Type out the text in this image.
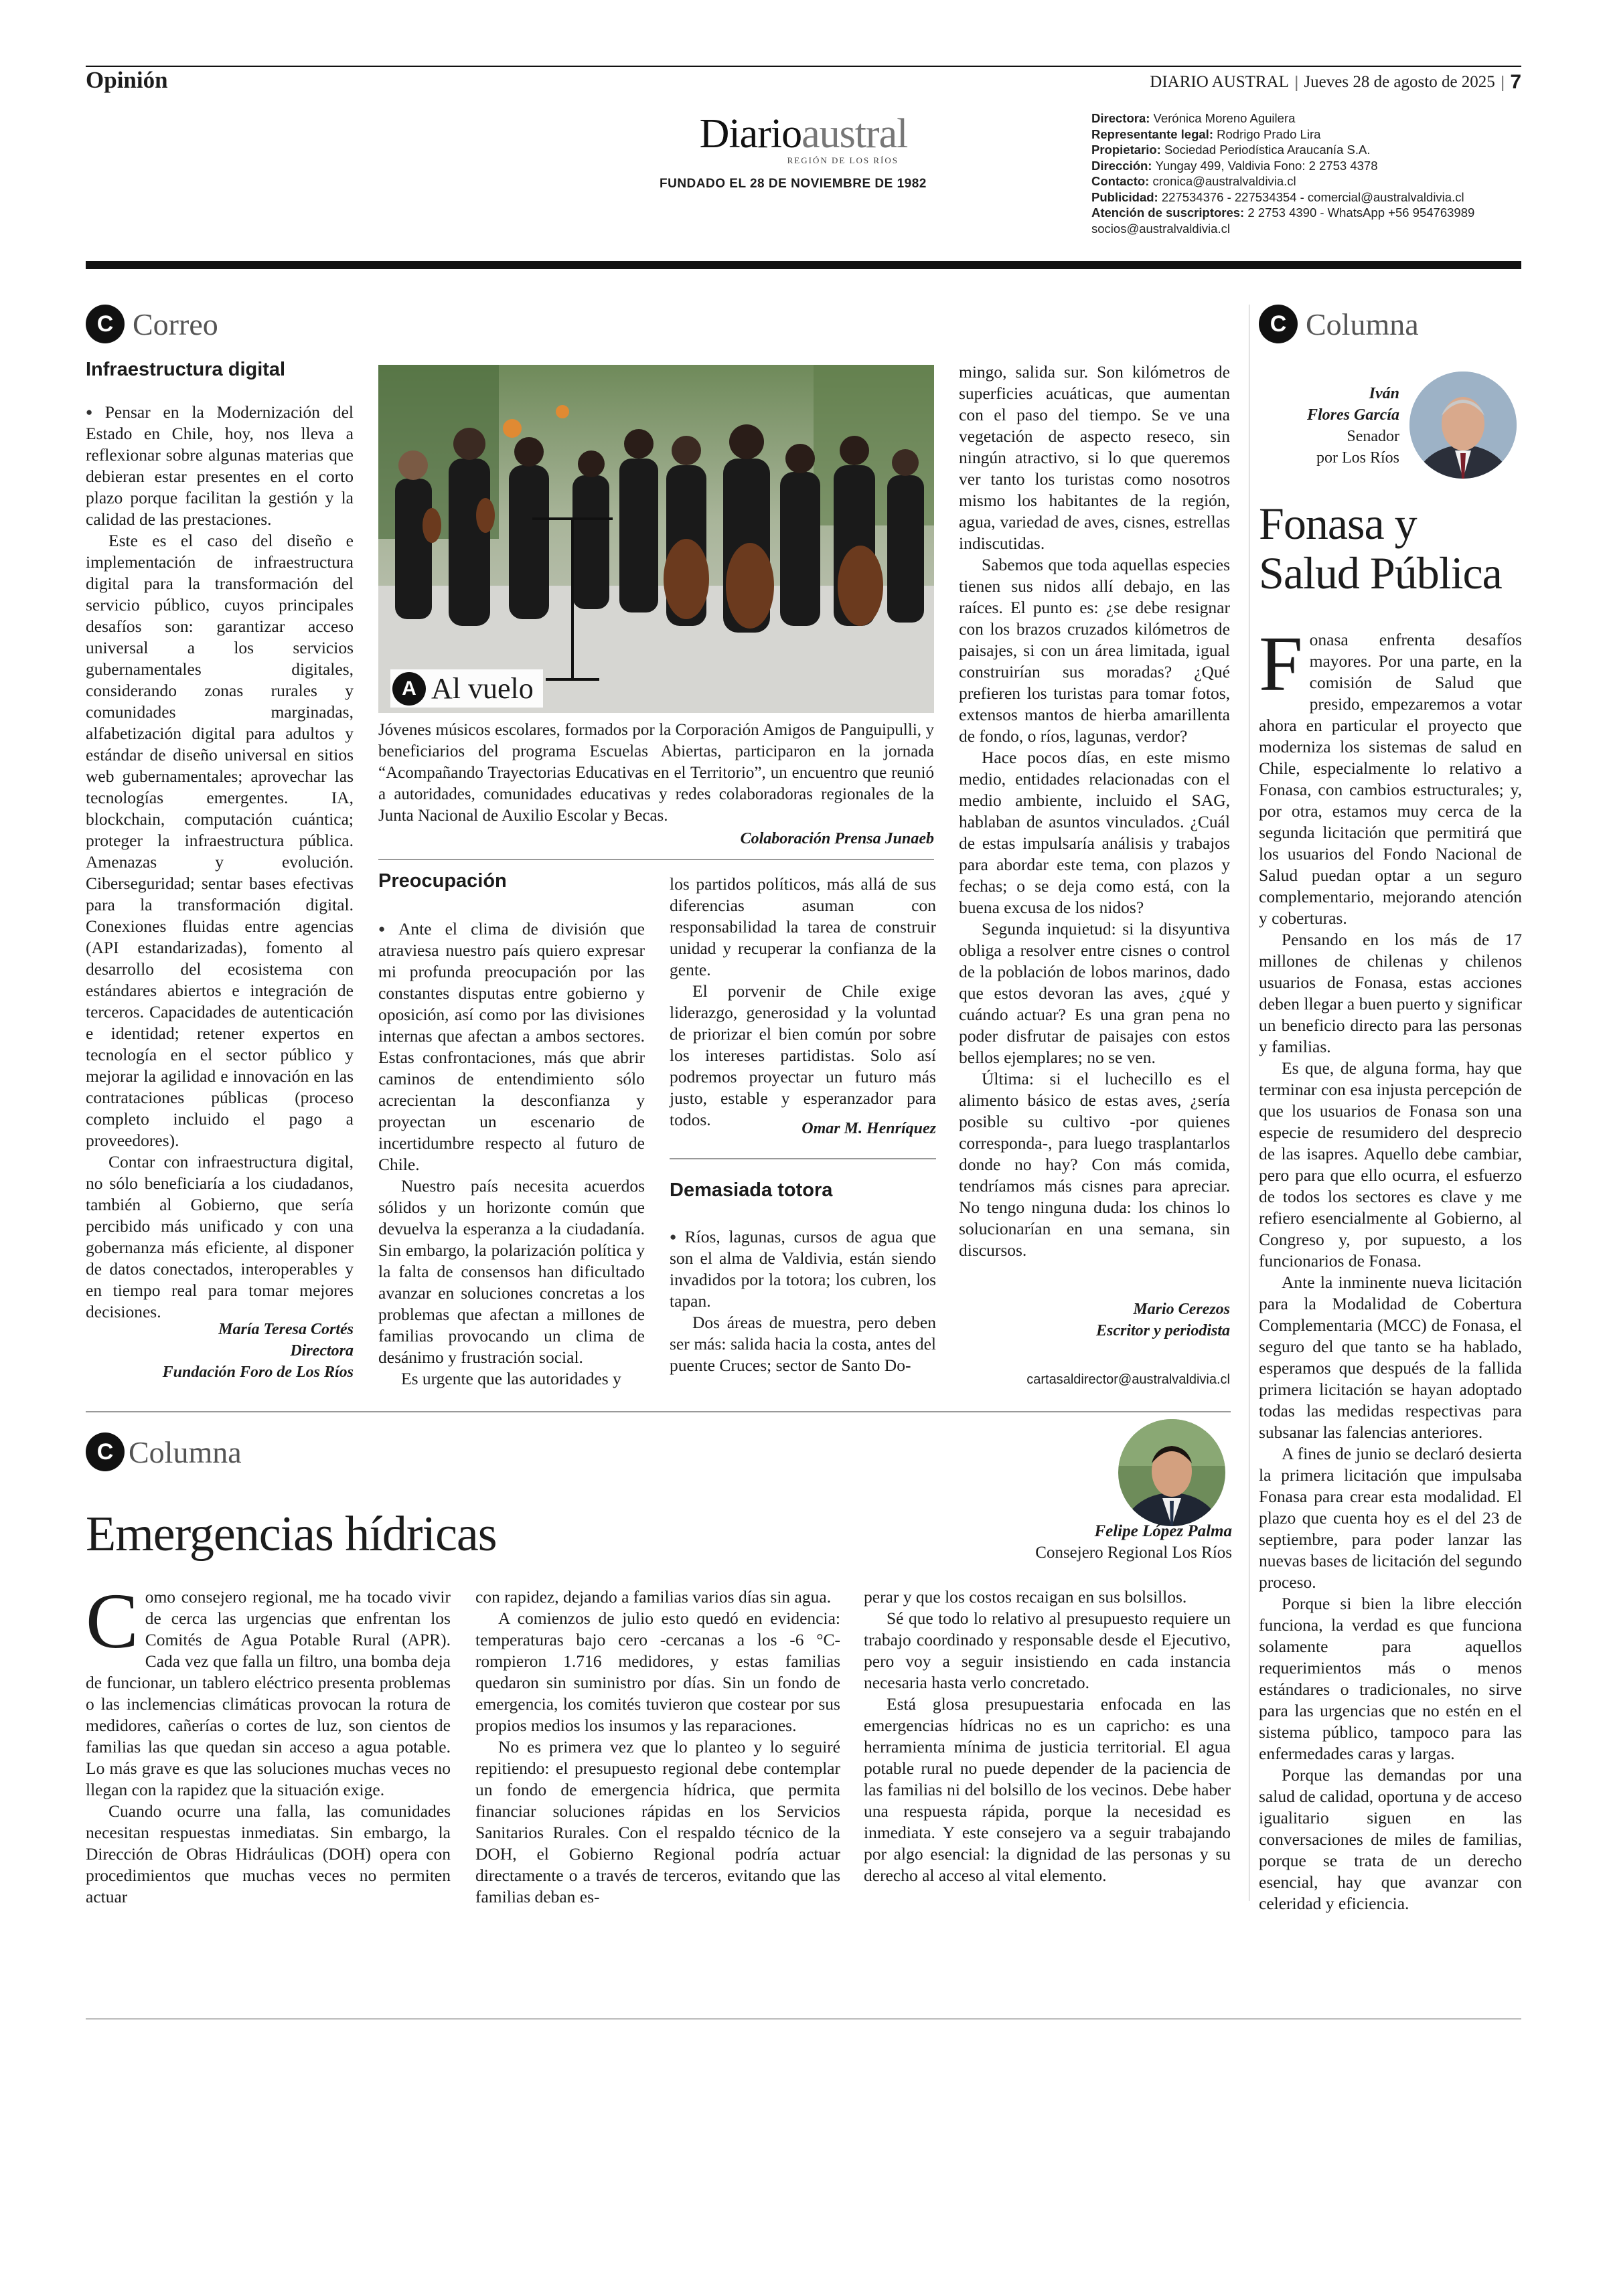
Opinión	DIARIO AUSTRAL | Jueves 28 de agosto de 2025 | 7
Diarioaustral
REGIÓN DE LOS RÍOS
FUNDADO EL 28 DE NOVIEMBRE DE 1982
Directora: Verónica Moreno Aguilera
Representante legal: Rodrigo Prado Lira
Propietario: Sociedad Periodística Araucanía S.A.
Dirección: Yungay 499, Valdivia Fono: 2 2753 4378
Contacto: cronica@australvaldivia.cl
Publicidad: 227534376 - 227534354 - comercial@australvaldivia.cl
Atención de suscriptores: 2 2753 4390 - WhatsApp +56 954763989
socios@australvaldivia.cl
C Correo
Infraestructura digital

● Pensar en la Modernización del Estado en Chile, hoy, nos lleva a reflexionar sobre algunas materias que debieran estar presentes en el corto plazo porque facilitan la gestión y la calidad de las prestaciones.

Este es el caso del diseño e implementación de infraestructura digital para la transformación del servicio público, cuyos principales desafíos son: garantizar acceso universal a los servicios gubernamentales digitales, considerando zonas rurales y comunidades marginadas, alfabetización digital para adultos y estándar de diseño universal en sitios web gubernamentales; aprovechar las tecnologías emergentes. IA, blockchain, computación cuántica; proteger la infraestructura pública. Amenazas y evolución. Ciberseguridad; sentar bases efectivas para la transformación digital. Conexiones fluidas entre agencias (API estandarizadas), fomento al desarrollo del ecosistema con estándares abiertos e integración de terceros. Capacidades de autenticación e identidad; retener expertos en tecnología en el sector público y mejorar la agilidad e innovación en las contrataciones públicas (proceso completo incluido el pago a proveedores).

Contar con infraestructura digital, no sólo beneficiaría a los ciudadanos, también al Gobierno, que sería percibido más unificado y con una gobernanza más eficiente, al disponer de datos conectados, interoperables y en tiempo real para tomar mejores decisiones.

María Teresa Cortés
Directora
Fundación Foro de Los Ríos
A Al vuelo
Jóvenes músicos escolares, formados por la Corporación Amigos de Panguipulli, y beneficiarios del programa Escuelas Abiertas, participaron en la jornada “Acompañando Trayectorias Educativas en el Territorio”, un encuentro que reunió a autoridades, comunidades educativas y redes colaboradoras regionales de la Junta Nacional de Auxilio Escolar y Becas.
Colaboración Prensa Junaeb
Preocupación

● Ante el clima de división que atraviesa nuestro país quiero expresar mi profunda preocupación por las constantes disputas entre gobierno y oposición, así como por las divisiones internas que afectan a ambos sectores. Estas confrontaciones, más que abrir caminos de entendimiento sólo acrecientan la desconfianza y proyectan un escenario de incertidumbre respecto al futuro de Chile.

Nuestro país necesita acuerdos sólidos y un horizonte común que devuelva la esperanza a la ciudadanía. Sin embargo, la polarización política y la falta de consensos han dificultado avanzar en soluciones concretas a los problemas que afectan a millones de familias provocando un clima de desánimo y frustración social.

Es urgente que las autoridades y

los partidos políticos, más allá de sus diferencias asuman con responsabilidad la tarea de construir unidad y recuperar la confianza de la gente.

El porvenir de Chile exige liderazgo, generosidad y la voluntad de priorizar el bien común por sobre los intereses partidistas. Solo así podremos proyectar un futuro más justo, estable y esperanzador para todos.	Omar M. Henríquez
Demasiada totora

● Ríos, lagunas, cursos de agua que son el alma de Valdivia, están siendo invadidos por la totora; los cubren, los tapan.

Dos áreas de muestra, pero deben ser más: salida hacia la costa, antes del puente Cruces; sector de Santo Do-

mingo, salida sur. Son kilómetros de superficies acuáticas, que aumentan con el paso del tiempo. Se ve una vegetación de aspecto reseco, sin ningún atractivo, si lo que queremos ver tanto los turistas como nosotros mismo los habitantes de la región, agua, variedad de aves, cisnes, estrellas indiscutidas.

Sabemos que toda aquellas especies tienen sus nidos allí debajo, en las raíces. El punto es: ¿se debe resignar con los brazos cruzados kilómetros de paisajes, si con un área limitada, igual construirían sus moradas? ¿Qué prefieren los turistas para tomar fotos, extensos mantos de hierba amarillenta de fondo, o ríos, lagunas, verdor?

Hace pocos días, en este mismo medio, entidades relacionadas con el medio ambiente, incluido el SAG, hablaban de asuntos vinculados. ¿Cuál de estas impulsaría análisis y trabajos para abordar este tema, con plazos y fechas; o se deja como está, con la buena excusa de los nidos?

Segunda inquietud: si la disyuntiva obliga a resolver entre cisnes o control de la población de lobos marinos, dado que estos devoran las aves, ¿qué y cuándo actuar? Es una gran pena no poder disfrutar de paisajes con estos bellos ejemplares; no se ven.

Última: si el luchecillo es el alimento básico de estas aves, ¿sería posible su cultivo -por quienes corresponda-, para luego trasplantarlos donde no hay? Con más comida, tendríamos más cisnes para apreciar. No tengo ninguna duda: los chinos lo solucionarían en una semana, sin discursos.

Mario Cerezos
Escritor y periodista
cartasaldirector@australvaldivia.cl
C Columna
Iván
Flores García
Senador
por Los Ríos
Fonasa y
Salud Pública

Fonasa enfrenta desafíos mayores. Por una parte, en la comisión de Salud que presido, empezaremos a votar ahora en particular el proyecto que moderniza los sistemas de salud en Chile, especialmente lo relativo a Fonasa, con cambios estructurales; y, por otra, estamos muy cerca de la segunda licitación que permitirá que los usuarios del Fondo Nacional de Salud puedan optar a un seguro complementario, mejorando atención y coberturas.

Pensando en los más de 17 millones de chilenas y chilenos usuarios de Fonasa, estas acciones deben llegar a buen puerto y significar un beneficio directo para las personas y familias.

Es que, de alguna forma, hay que terminar con esa injusta percepción de que los usuarios de Fonasa son una especie de resumidero del desprecio de las isapres. Aquello debe cambiar, pero para que ello ocurra, el esfuerzo de todos los sectores es clave y me refiero esencialmente al Gobierno, al Congreso y, por supuesto, a los funcionarios de Fonasa.

Ante la inminente nueva licitación para la Modalidad de Cobertura Complementaria (MCC) de Fonasa, el seguro del que tanto se ha hablado, esperamos que después de la fallida primera licitación se hayan adoptado todas las medidas respectivas para subsanar las falencias anteriores.

A fines de junio se declaró desierta la primera licitación que impulsaba Fonasa para crear esta modalidad. El plazo que cuenta hoy es el del 23 de septiembre, para poder lanzar las nuevas bases de licitación del segundo proceso.

Porque si bien la libre elección funciona, la verdad es que funciona solamente para aquellos requerimientos más o menos estándares o tradicionales, no sirve para las urgencias que no estén en el sistema público, tampoco para las enfermedades caras y largas.

Porque las demandas por una salud de calidad, oportuna y de acceso igualitario siguen en las conversaciones de miles de familias, porque se trata de un derecho esencial, hay que avanzar con celeridad y eficiencia.

C Columna
Emergencias hídricas	Felipe López Palma
Consejero Regional Los Ríos

Como consejero regional, me ha tocado vivir de cerca las urgencias que enfrentan los Comités de Agua Potable Rural (APR). Cada vez que falla un filtro, una bomba deja de funcionar, un tablero eléctrico presenta problemas o las inclemencias climáticas provocan la rotura de medidores, cañerías o cortes de luz, son cientos de familias las que quedan sin acceso a agua potable. Lo más grave es que las soluciones muchas veces no llegan con la rapidez que la situación exige.

Cuando ocurre una falla, las comunidades necesitan respuestas inmediatas. Sin embargo, la Dirección de Obras Hidráulicas (DOH) opera con procedimientos que muchas veces no permiten actuar

con rapidez, dejando a familias varios días sin agua.

A comienzos de julio esto quedó en evidencia: temperaturas bajo cero -cercanas a los -6 °C- rompieron 1.716 medidores, y estas familias quedaron sin suministro por días. Sin un fondo de emergencia, los comités tuvieron que costear por sus propios medios los insumos y las reparaciones.

No es primera vez que lo planteo y lo seguiré repitiendo: el presupuesto regional debe contemplar un fondo de emergencia hídrica, que permita financiar soluciones rápidas en los Servicios Sanitarios Rurales. Con el respaldo técnico de la DOH, el Gobierno Regional podría actuar directamente o a través de terceros, evitando que las familias deban es-

perar y que los costos recaigan en sus bolsillos.

Sé que todo lo relativo al presupuesto requiere un trabajo coordinado y responsable desde el Ejecutivo, pero voy a seguir insistiendo en cada instancia necesaria hasta verlo concretado.

Está glosa presupuestaria enfocada en las emergencias hídricas no es un capricho: es una herramienta mínima de justicia territorial. El agua potable rural no puede depender de la paciencia de las familias ni del bolsillo de los vecinos. Debe haber una respuesta rápida, porque la necesidad es inmediata. Y este consejero va a seguir trabajando por algo esencial: la dignidad de las personas y su derecho al acceso al vital elemento.
